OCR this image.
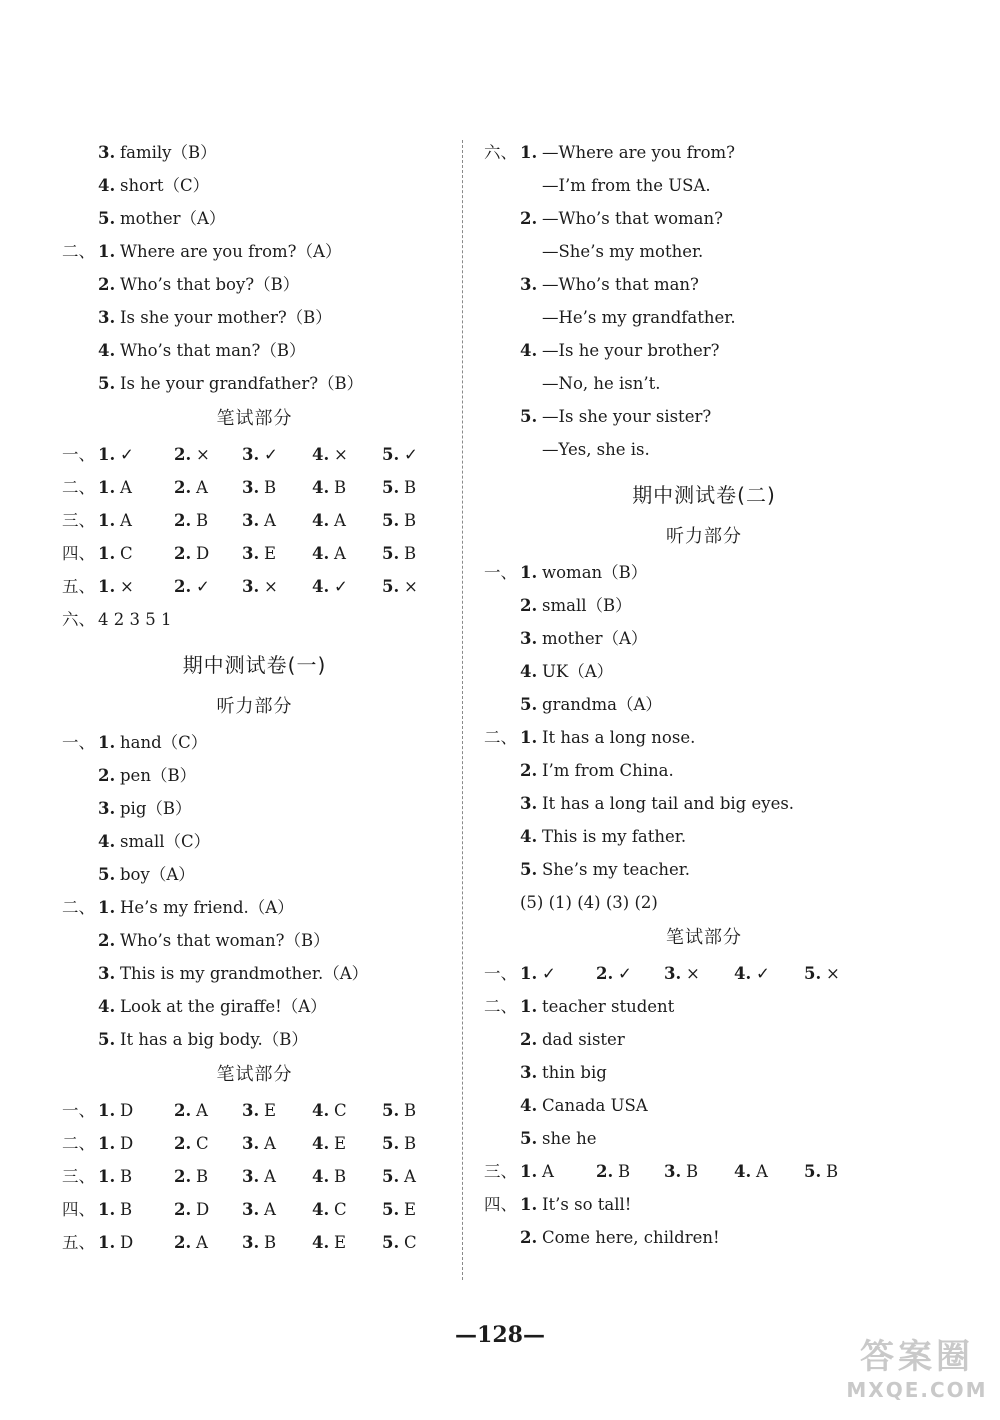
3. family（B）
4. short（C）
5. mother（A）
二、 1. Where are you from?（A）
2. Who’s that boy?（B）
3. Is she your mother?（B）
4. Who’s that man?（B）
5. Is he your grandfather?（B）
笔试部分
一、 1. ✓ 2. × 3. ✓ 4. × 5. ✓
二、 1. A	2. A 3. B 4. B 5. B
三、 1. A	2. B 3. A 4. A 5. B
四、 1. C	2. D 3. E 4. A 5. B
五、 1. × 2. ✓ 3. × 4. ✓ 5. ×
六、 4 2 3 5 1
期中测试卷(一)
听力部分
一、 1. hand（C）
2. pen（B）
3. pig（B）
4. small（C）
5. boy（A）
二、 1. He’s my friend.（A）
2. Who’s that woman?（B）
3. This is my grandmother.（A）
4. Look at the giraffe!（A）
5. It has a big body.（B）
笔试部分
一、 1. D 2. A 3. E 4. C 5. B
二、 1. D 2. C 3. A 4. E 5. B
三、 1. B	2. B 3. A 4. B 5. A
四、 1. B	2. D 3. A 4. C 5. E
五、 1. D 2. A 3. B 4. E 5. C
六、 1. —Where are you from?
—I’m from the USA.
2. —Who’s that woman?
—She’s my mother.
3. —Who’s that man?
—He’s my grandfather.
4. —Is he your brother?
—No, he isn’t.
5. —Is she your sister?
—Yes, she is.
期中测试卷(二)
听力部分
一、 1. woman（B）
2. small（B）
3. mother（A）
4. UK（A）
5. grandma（A）
二、 1. It has a long nose.
2. I’m from China.
3. It has a long tail and big eyes.
4. This is my father.
5. She’s my teacher.
(5) (1) (4) (3) (2)
笔试部分
一、 1. ✓ 2. ✓ 3. × 4. ✓ 5. ×
二、 1. teacher student
2. dad sister
3. thin big
4. Canada USA
5. she he
三、 1. A	2. B 3. B 4. A 5. B
四、 1. It’s so tall!
2. Come here, children!
—128—
答案圈
MXQE.COM
